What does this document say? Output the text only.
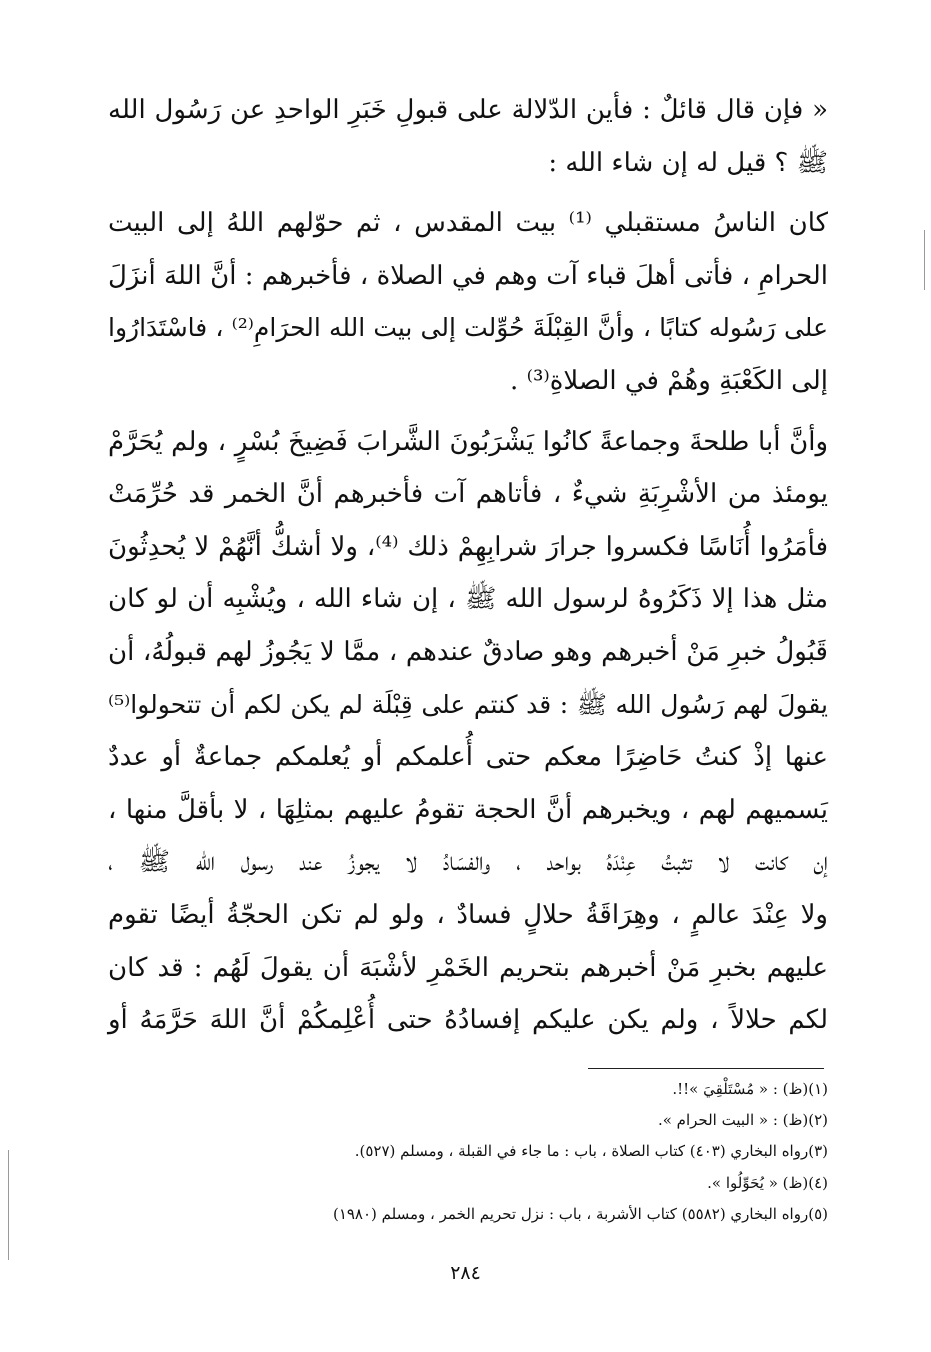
« فإن قال قائلٌ : فأين الدّلالة على قبولِ خَبَرِ الواحدِ عن رَسُول الله
ﷺ ؟ قيل له إن شاء الله :
كان الناسُ مستقبلي ⁽¹⁾ بيت المقدس ، ثم حوّلهم اللهُ إلى البيت
الحرامِ ، فأتى أهلَ قباء آت وهم في الصلاة ، فأخبرهم : أنَّ اللهَ أنزَلَ
على رَسُوله كتابًا ، وأنَّ القِبْلَةَ حُوِّلت إلى بيت الله الحرَامِ⁽²⁾ ، فاسْتَدَارُوا
إلى الكَعْبَةِ وهُمْ في الصلاةِ⁽³⁾ .
وأنَّ أبا طلحةَ وجماعةً كانُوا يَشْرَبُونَ الشَّرابَ فَضِيخَ بُسْرٍ ، ولم يُحَرَّمْ
يومئذ من الأشْرِبَةِ شيءٌ ، فأتاهم آت فأخبرهم أنَّ الخمر قد حُرِّمَتْ
فأمَرُوا أُنَاسًا فكسروا جرارَ شرابِهِمْ ذلك ⁽⁴⁾، ولا أشكُّ أنَّهُمْ لا يُحدِثُونَ
مثل هذا إلا ذَكَرُوهُ لرسول الله ﷺ ، إن شاء الله ، ويُشْبِه أن لو كان
قَبُولُ خبرِ مَنْ أخبرهم وهو صادقٌ عندهم ، ممَّا لا يَجُوزُ لهم قبولُهُ، أن
يقولَ لهم رَسُول الله ﷺ : قد كنتم على قِبْلَة لم يكن لكم أن تتحولوا⁽⁵⁾
عنها إذْ كنتُ حَاضِرًا معكم حتى أُعلمكم أو يُعلمكم جماعةٌ أو عددٌ
يَسميهم لهم ، ويخبرهم أنَّ الحجة تقومُ عليهم بمثلِهَا ، لا بأقلَّ منها ،
إن كانت لا تثبتُ عِنْدَهُ بواحد ، والفسَادُ لا يجوزُ عند رسول الله ﷺ ،
ولا عِنْدَ عالمٍ ، وهِرَاقَةُ حلالٍ فسادٌ ، ولو لم تكن الحجّةُ أيضًا تقوم
عليهم بخبرِ مَنْ أخبرهم بتحريم الخَمْرِ لأشْبَهَ أن يقولَ لَهُم : قد كان
لكم حلالاً ، ولم يكن عليكم إفسادُهُ حتى أُعْلِمكُمْ أنَّ اللهَ حَرَّمَهُ أو
(١)(ظ) : « مُسْتَلْقِيَ »!!.
(٢)(ظ) : « البيت الحرام ».
(٣)رواه البخاري (٤٠٣) كتاب الصلاة ، باب : ما جاء في القبلة ، ومسلم (٥٢٧).
(٤)(ظ) « يُحَوِّلُوا ».
(٥)رواه البخاري (٥٥٨٢) كتاب الأشربة ، باب : نزل تحريم الخمر ، ومسلم (١٩٨٠)
٢٨٤
